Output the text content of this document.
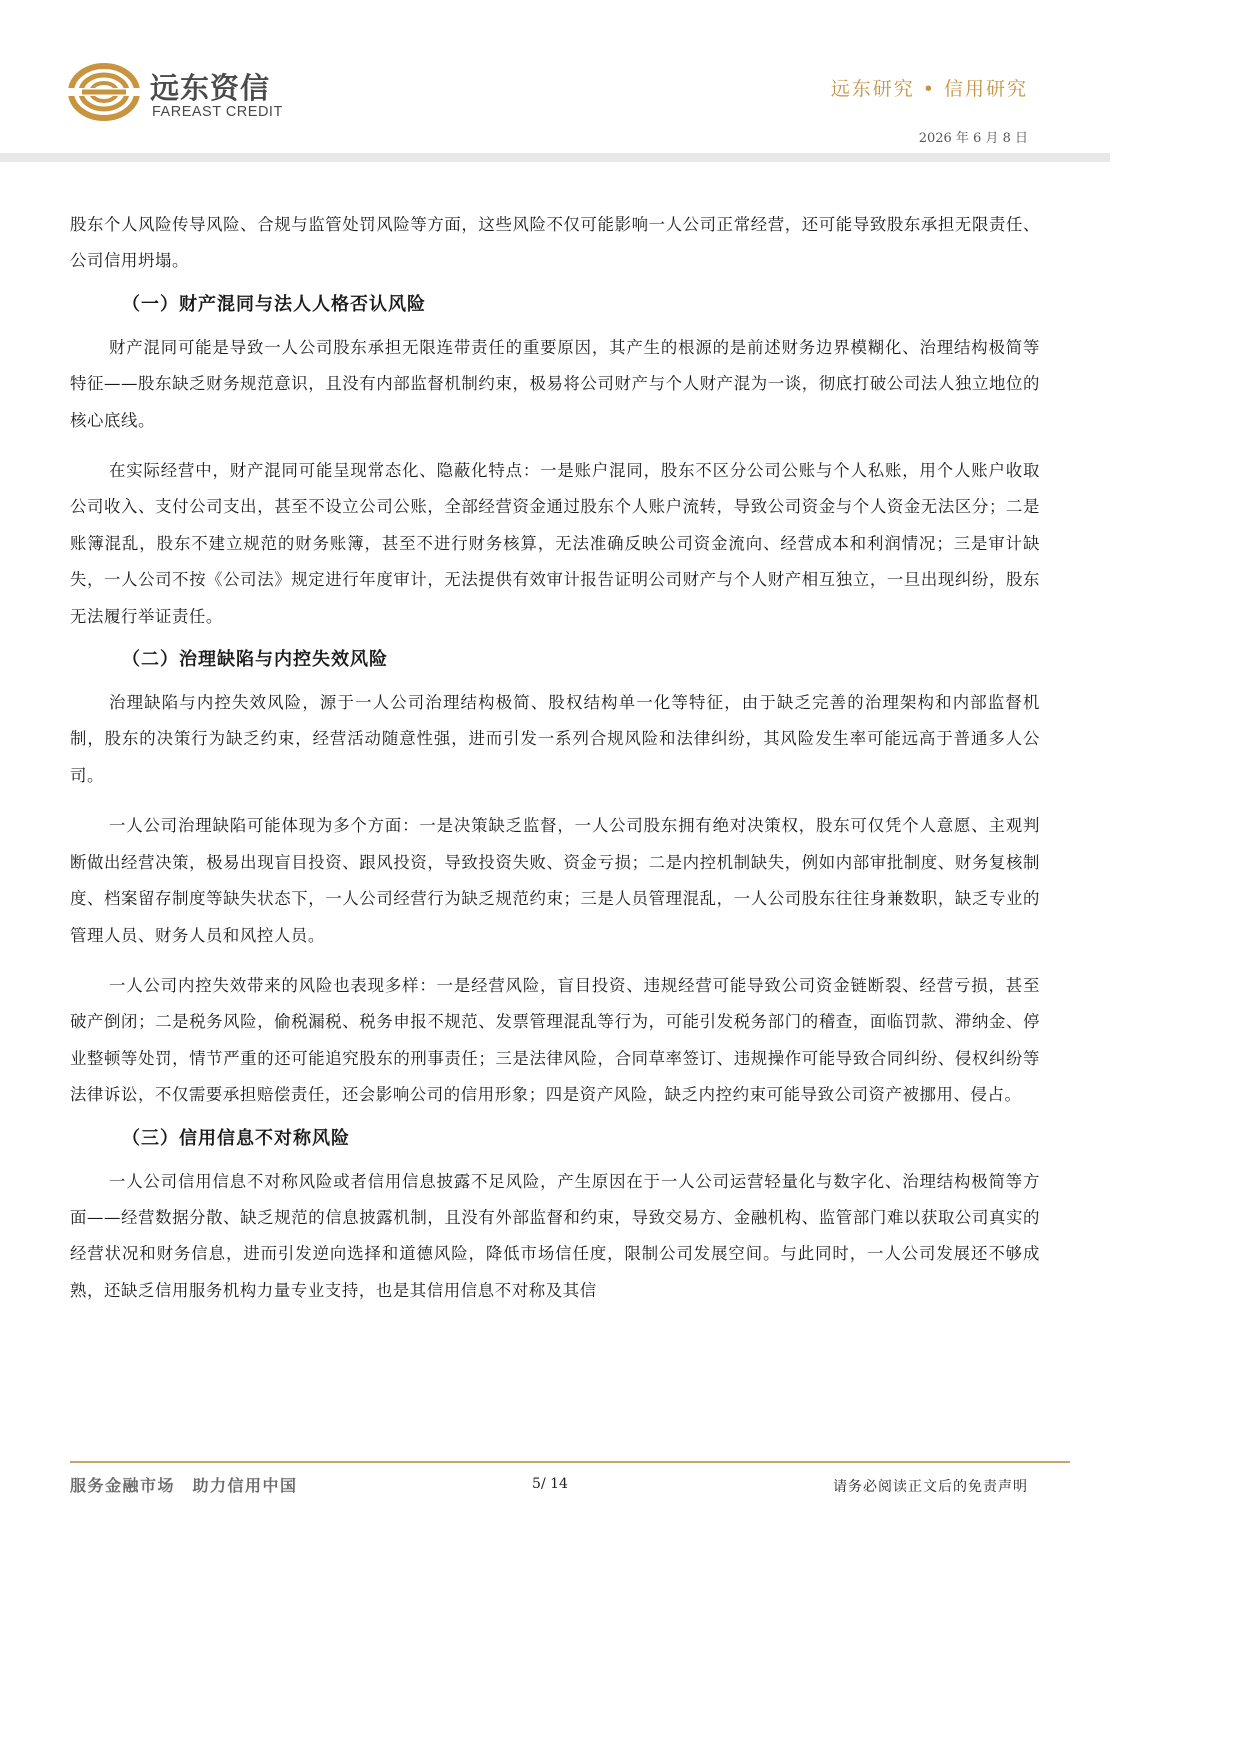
远东资信
FAREAST CREDIT
远东研究 • 信用研究
2026 年 6 月 8 日

股东个人风险传导风险、合规与监管处罚风险等方面，这些风险不仅可能影响一人公司正常经营，还可能导致股东承担无限责任、公司信用坍塌。

（一）财产混同与法人人格否认风险

财产混同可能是导致一人公司股东承担无限连带责任的重要原因，其产生的根源的是前述财务边界模糊化、治理结构极简等特征——股东缺乏财务规范意识，且没有内部监督机制约束，极易将公司财产与个人财产混为一谈，彻底打破公司法人独立地位的核心底线。

在实际经营中，财产混同可能呈现常态化、隐蔽化特点：一是账户混同，股东不区分公司公账与个人私账，用个人账户收取公司收入、支付公司支出，甚至不设立公司公账，全部经营资金通过股东个人账户流转，导致公司资金与个人资金无法区分；二是账簿混乱，股东不建立规范的财务账簿，甚至不进行财务核算，无法准确反映公司资金流向、经营成本和利润情况；三是审计缺失，一人公司不按《公司法》规定进行年度审计，无法提供有效审计报告证明公司财产与个人财产相互独立，一旦出现纠纷，股东无法履行举证责任。

（二）治理缺陷与内控失效风险

治理缺陷与内控失效风险，源于一人公司治理结构极简、股权结构单一化等特征，由于缺乏完善的治理架构和内部监督机制，股东的决策行为缺乏约束，经营活动随意性强，进而引发一系列合规风险和法律纠纷，其风险发生率可能远高于普通多人公司。

一人公司治理缺陷可能体现为多个方面：一是决策缺乏监督，一人公司股东拥有绝对决策权，股东可仅凭个人意愿、主观判断做出经营决策，极易出现盲目投资、跟风投资，导致投资失败、资金亏损；二是内控机制缺失，例如内部审批制度、财务复核制度、档案留存制度等缺失状态下，一人公司经营行为缺乏规范约束；三是人员管理混乱，一人公司股东往往身兼数职，缺乏专业的管理人员、财务人员和风控人员。

一人公司内控失效带来的风险也表现多样：一是经营风险，盲目投资、违规经营可能导致公司资金链断裂、经营亏损，甚至破产倒闭；二是税务风险，偷税漏税、税务申报不规范、发票管理混乱等行为，可能引发税务部门的稽查，面临罚款、滞纳金、停业整顿等处罚，情节严重的还可能追究股东的刑事责任；三是法律风险，合同草率签订、违规操作可能导致合同纠纷、侵权纠纷等法律诉讼，不仅需要承担赔偿责任，还会影响公司的信用形象；四是资产风险，缺乏内控约束可能导致公司资产被挪用、侵占。

（三）信用信息不对称风险

一人公司信用信息不对称风险或者信用信息披露不足风险，产生原因在于一人公司运营轻量化与数字化、治理结构极简等方面——经营数据分散、缺乏规范的信息披露机制，且没有外部监督和约束，导致交易方、金融机构、监管部门难以获取公司真实的经营状况和财务信息，进而引发逆向选择和道德风险，降低市场信任度，限制公司发展空间。与此同时，一人公司发展还不够成熟，还缺乏信用服务机构力量专业支持，也是其信用信息不对称及其信

服务金融市场　助力信用中国	5/ 14	请务必阅读正文后的免责声明
